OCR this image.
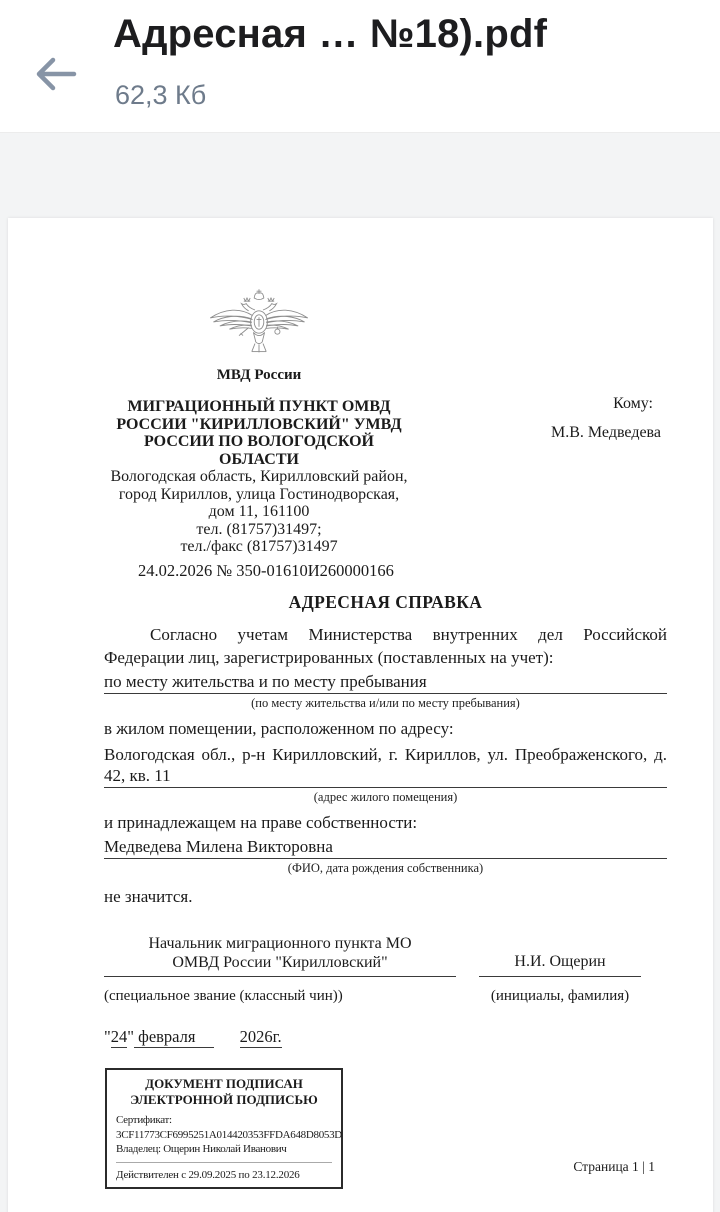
Адресная … №18).pdf
62,3 Кб
МВД России
МИГРАЦИОННЫЙ ПУНКТ ОМВД
РОССИИ "КИРИЛЛОВСКИЙ" УМВД
РОССИИ ПО ВОЛОГОДСКОЙ ОБЛАСТИ
Вологодская область, Кирилловский район,
город Кириллов, улица Гостинодворская,
дом 11, 161100
тел. (81757)31497;
тел./факс (81757)31497
Кому:
М.В. Медведева
24.02.2026 № 350-01610И260000166
АДРЕСНАЯ СПРАВКА

Согласно учетам Министерства внутренних дел Российской Федерации лиц, зарегистрированных (поставленных на учет):

по месту жительства и по месту пребывания
(по месту жительства и/или по месту пребывания)
в жилом помещении, расположенном по адресу:
Вологодская обл., р-н Кирилловский, г. Кириллов, ул. Преображенского, д.
42, кв. 11
(адрес жилого помещения)
и принадлежащем на праве собственности:
Медведева Милена Викторовна
(ФИО, дата рождения собственника)
не значится.
Начальник миграционного пункта МО
ОМВД России "Кирилловский"
(специальное звание (классный чин))
Н.И. Ощерин
(инициалы, фамилия)
"24" февраля 2026г.
ДОКУМЕНТ ПОДПИСАН
ЭЛЕКТРОННОЙ ПОДПИСЬЮ
Сертификат:
3CF11773CF6995251A014420353FFDA648D8053D
Владелец: Ощерин Николай Иванович
Действителен с 29.09.2025 по 23.12.2026
Страница 1 | 1
